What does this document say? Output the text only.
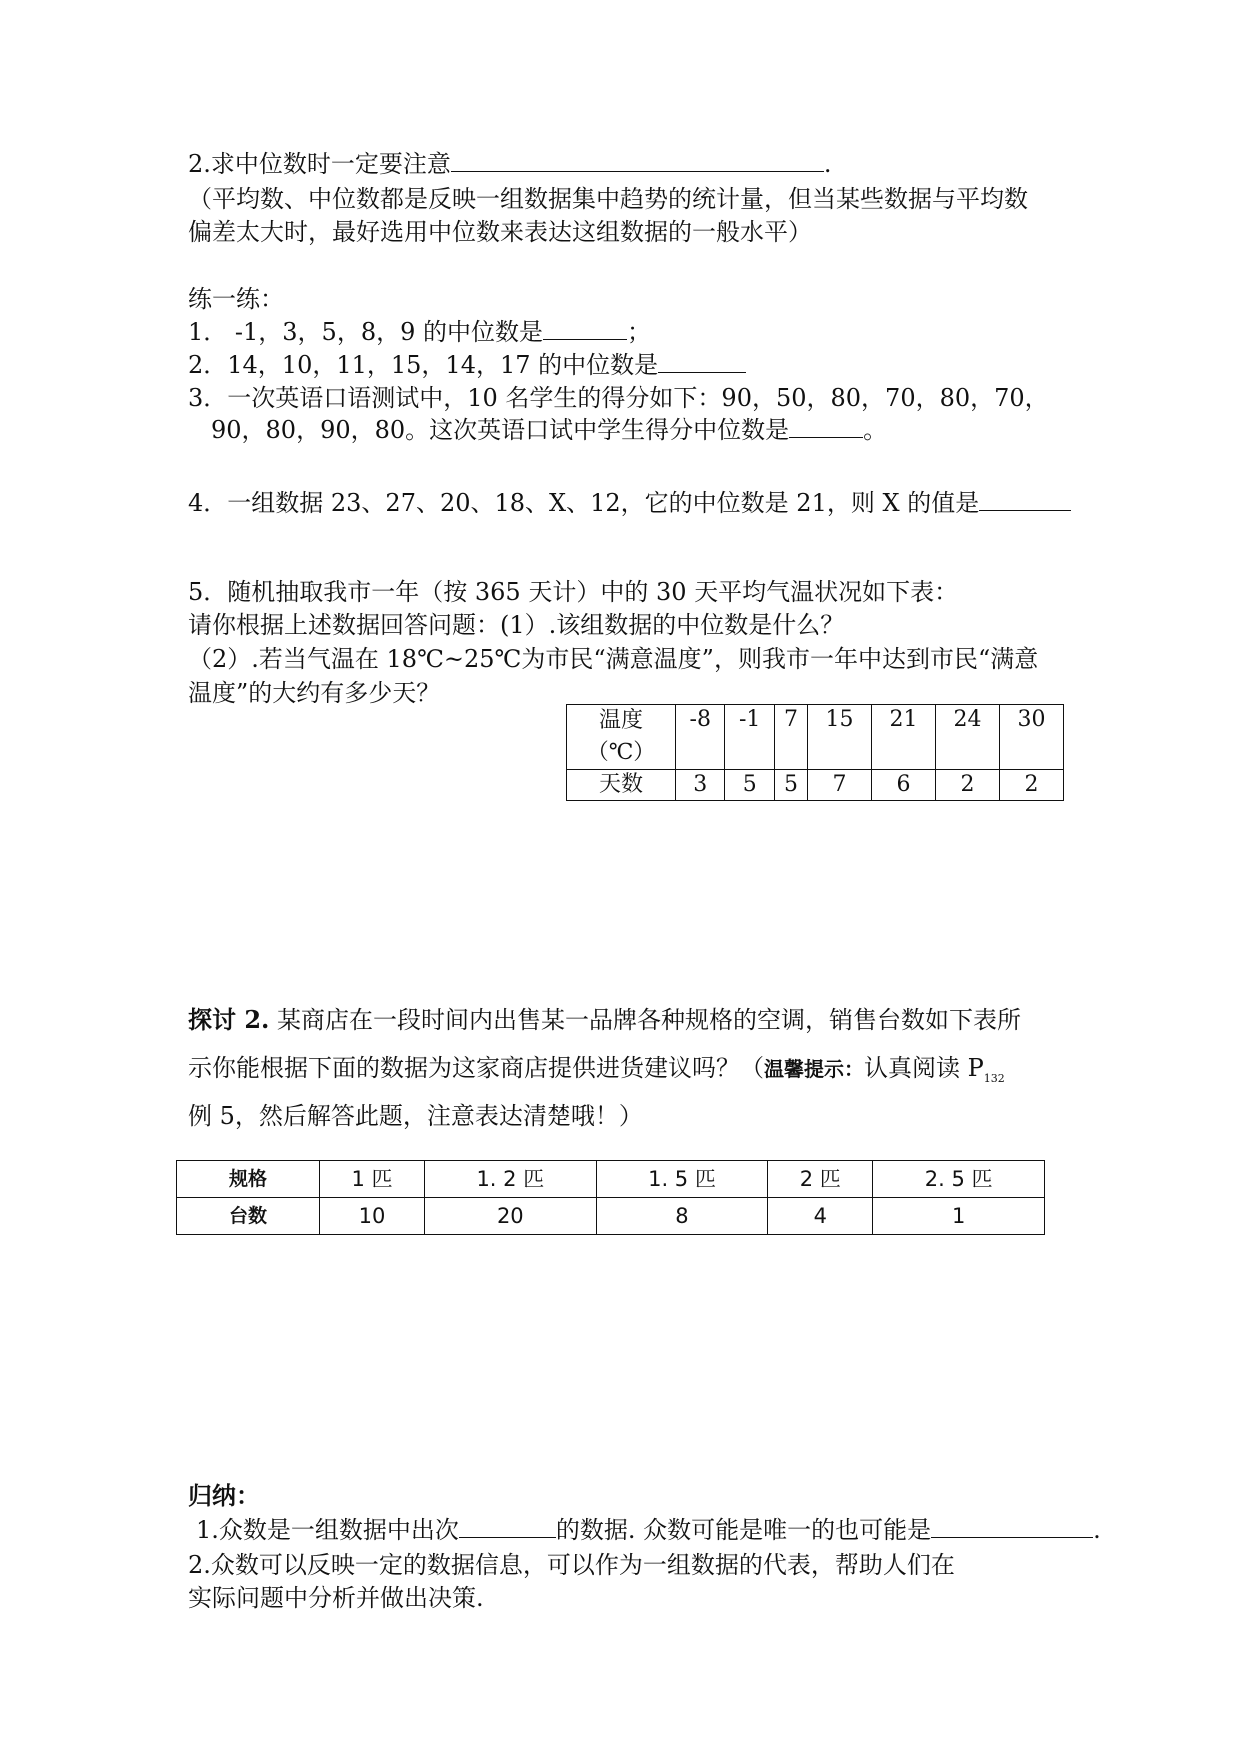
2.求中位数时一定要注意	.
（平均数、中位数都是反映一组数据集中趋势的统计量，但当某些数据与平均数
偏差太大时，最好选用中位数来表达这组数据的一般水平）
练一练：
1． -1，3，5，8，9 的中位数是	；
2．14，10，11，15，14，17 的中位数是
3．一次英语口语测试中，10 名学生的得分如下：90，50，80，70，80，70，
90，80，90，80。这次英语口试中学生得分中位数是	。
4．一组数据 23、27、20、18、X、12，它的中位数是 21，则 X 的值是
5．随机抽取我市一年（按 365 天计）中的 30 天平均气温状况如下表：
请你根据上述数据回答问题：(1）.该组数据的中位数是什么？
（2）.若当气温在 18℃~25℃为市民“满意温度”，则我市一年中达到市民“满意
温度”的大约有多少天？
温度
（℃）	-8	-1	7	15	21	24	30
天数	3	5	5	7	6	2	2
探讨 2. 某商店在一段时间内出售某一品牌各种规格的空调，销售台数如下表所
示你能根据下面的数据为这家商店提供进货建议吗？（温馨提示：认真阅读 $P_{132}$
例 5，然后解答此题，注意表达清楚哦！）
规格	1 匹	1. 2 匹	1. 5 匹	2 匹	2. 5 匹
台数	10	20	8	4	1
归纳：
1.众数是一组数据中出次	的数据. 众数可能是唯一的也可能是	.
2.众数可以反映一定的数据信息，可以作为一组数据的代表，帮助人们在
实际问题中分析并做出决策.
